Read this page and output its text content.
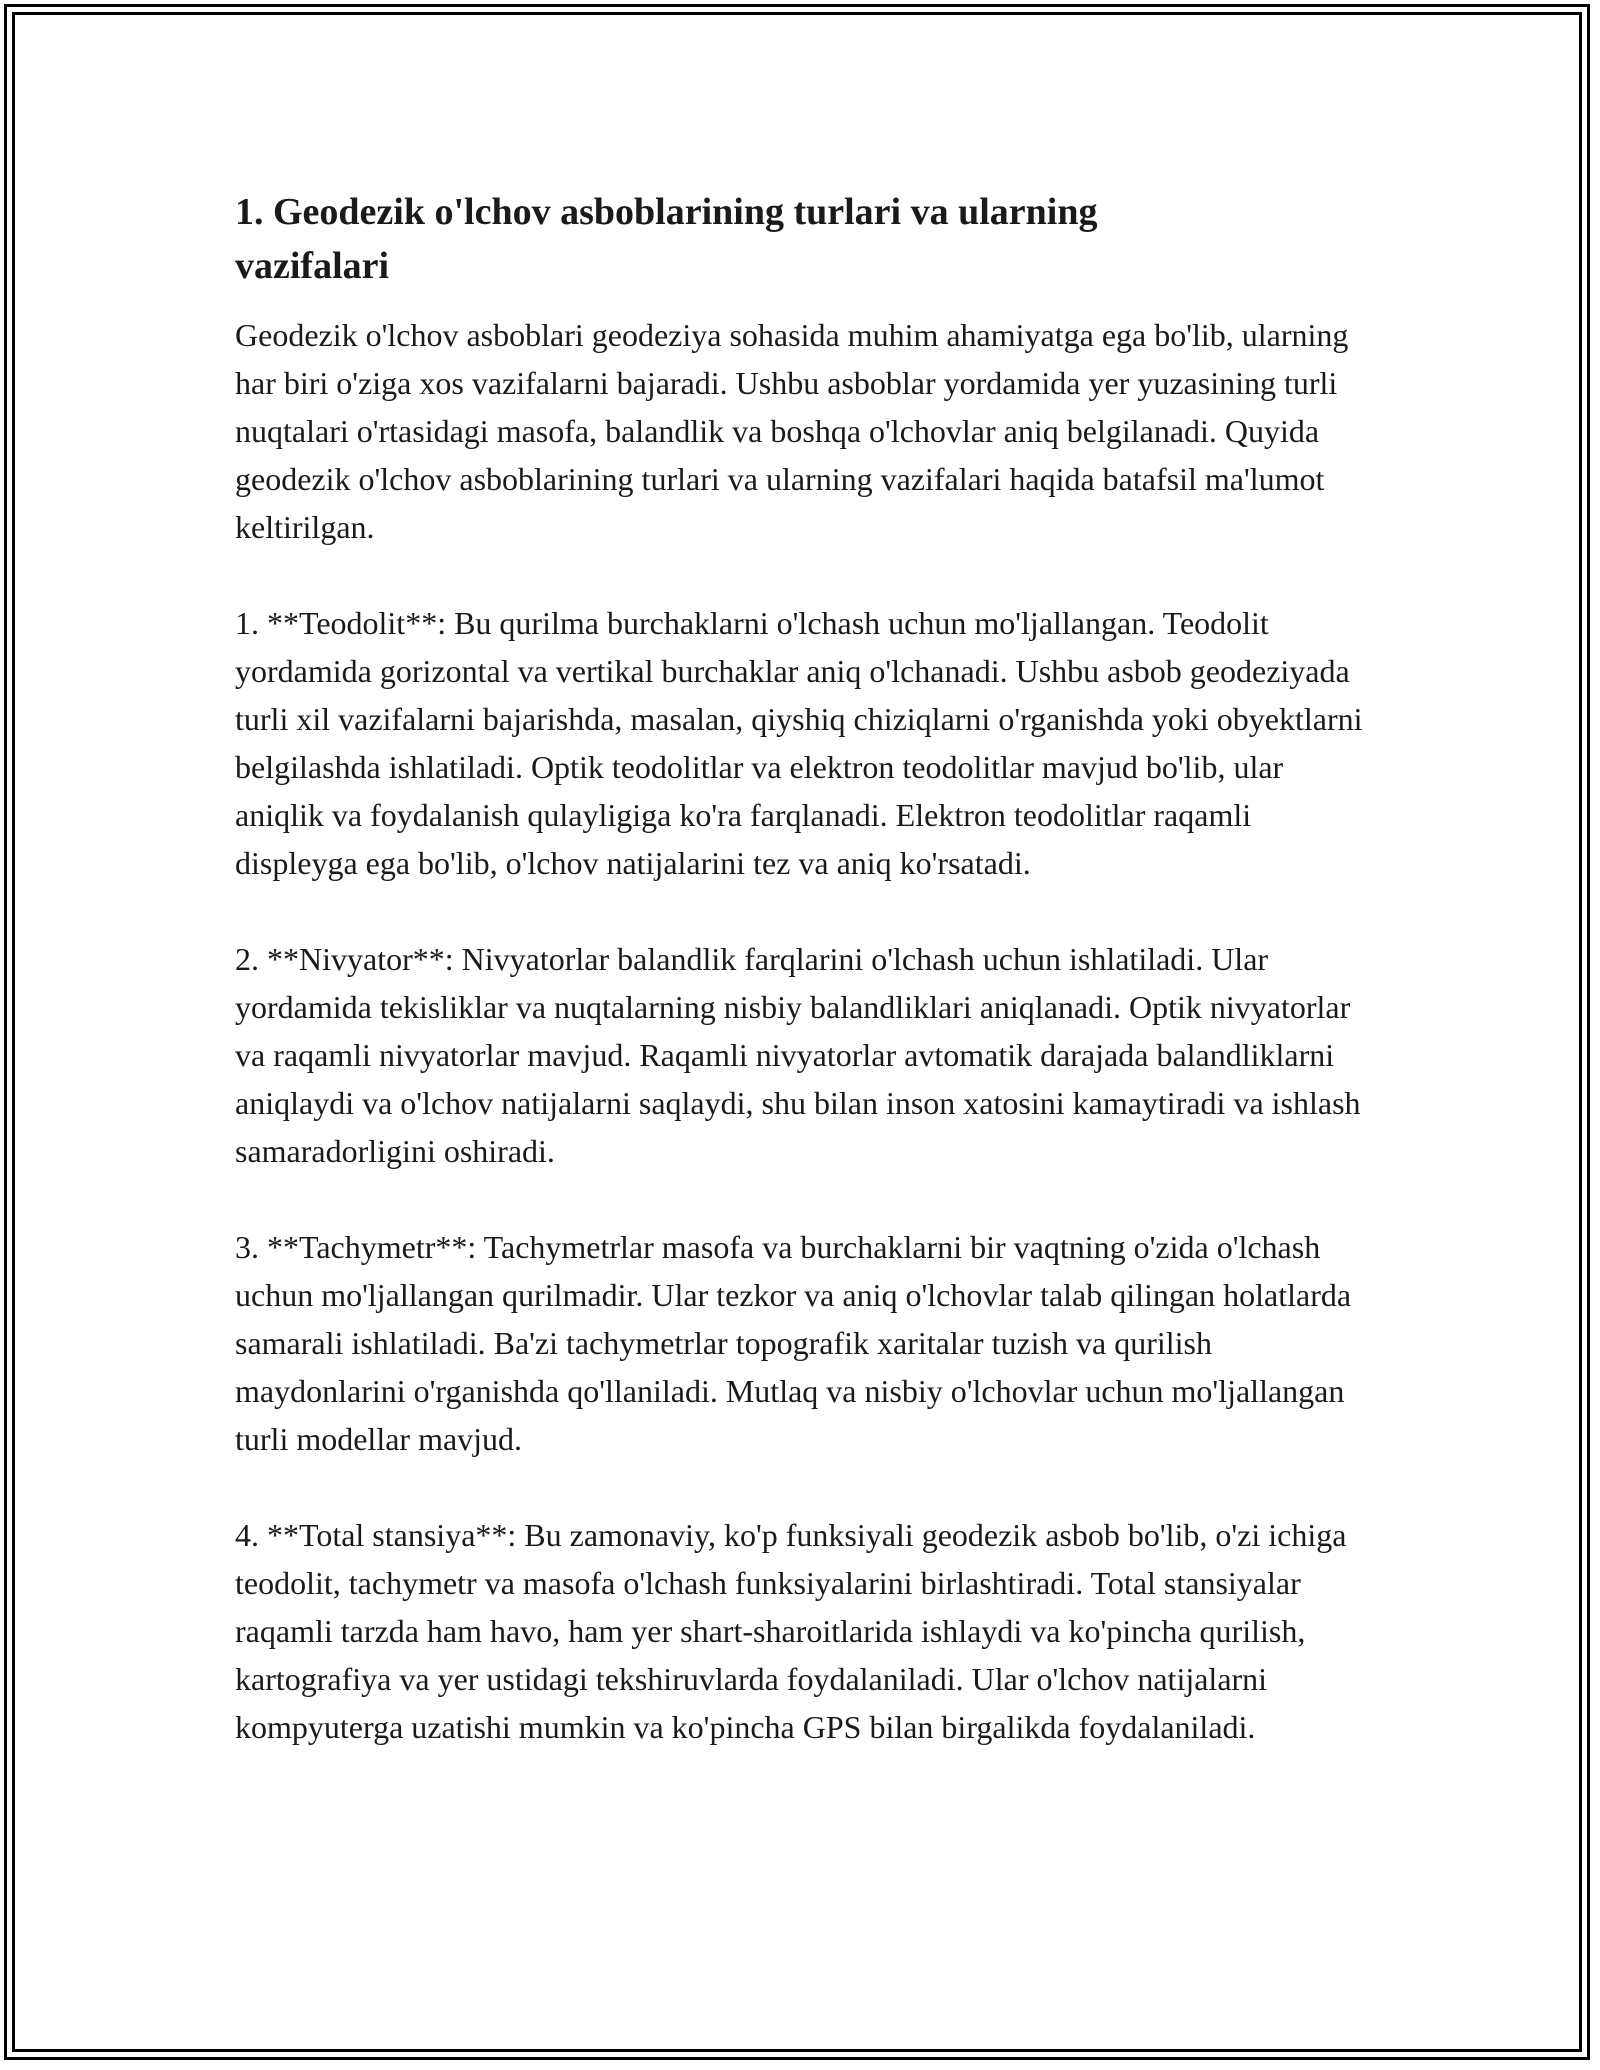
1. Geodezik o'lchov asboblarining turlari va ularning vazifalari

Geodezik o'lchov asboblari geodeziya sohasida muhim ahamiyatga ega bo'lib, ularning har biri o'ziga xos vazifalarni bajaradi. Ushbu asboblar yordamida yer yuzasining turli nuqtalari o'rtasidagi masofa, balandlik va boshqa o'lchovlar aniq belgilanadi. Quyida geodezik o'lchov asboblarining turlari va ularning vazifalari haqida batafsil ma'lumot keltirilgan.

1. **Teodolit**: Bu qurilma burchaklarni o'lchash uchun mo'ljallangan. Teodolit yordamida gorizontal va vertikal burchaklar aniq o'lchanadi. Ushbu asbob geodeziyada turli xil vazifalarni bajarishda, masalan, qiyshiq chiziqlarni o'rganishda yoki obyektlarni belgilashda ishlatiladi. Optik teodolitlar va elektron teodolitlar mavjud bo'lib, ular aniqlik va foydalanish qulayligiga ko'ra farqlanadi. Elektron teodolitlar raqamli displeyga ega bo'lib, o'lchov natijalarini tez va aniq ko'rsatadi.

2. **Nivyator**: Nivyatorlar balandlik farqlarini o'lchash uchun ishlatiladi. Ular yordamida tekisliklar va nuqtalarning nisbiy balandliklari aniqlanadi. Optik nivyatorlar va raqamli nivyatorlar mavjud. Raqamli nivyatorlar avtomatik darajada balandliklarni aniqlaydi va o'lchov natijalarni saqlaydi, shu bilan inson xatosini kamaytiradi va ishlash samaradorligini oshiradi.

3. **Tachymetr**: Tachymetrlar masofa va burchaklarni bir vaqtning o'zida o'lchash uchun mo'ljallangan qurilmadir. Ular tezkor va aniq o'lchovlar talab qilingan holatlarda samarali ishlatiladi. Ba'zi tachymetrlar topografik xaritalar tuzish va qurilish maydonlarini o'rganishda qo'llaniladi. Mutlaq va nisbiy o'lchovlar uchun mo'ljallangan turli modellar mavjud.

4. **Total stansiya**: Bu zamonaviy, ko'p funksiyali geodezik asbob bo'lib, o'zi ichiga teodolit, tachymetr va masofa o'lchash funksiyalarini birlashtiradi. Total stansiyalar raqamli tarzda ham havo, ham yer shart-sharoitlarida ishlaydi va ko'pincha qurilish, kartografiya va yer ustidagi tekshiruvlarda foydalaniladi. Ular o'lchov natijalarni kompyuterga uzatishi mumkin va ko'pincha GPS bilan birgalikda foydalaniladi.
